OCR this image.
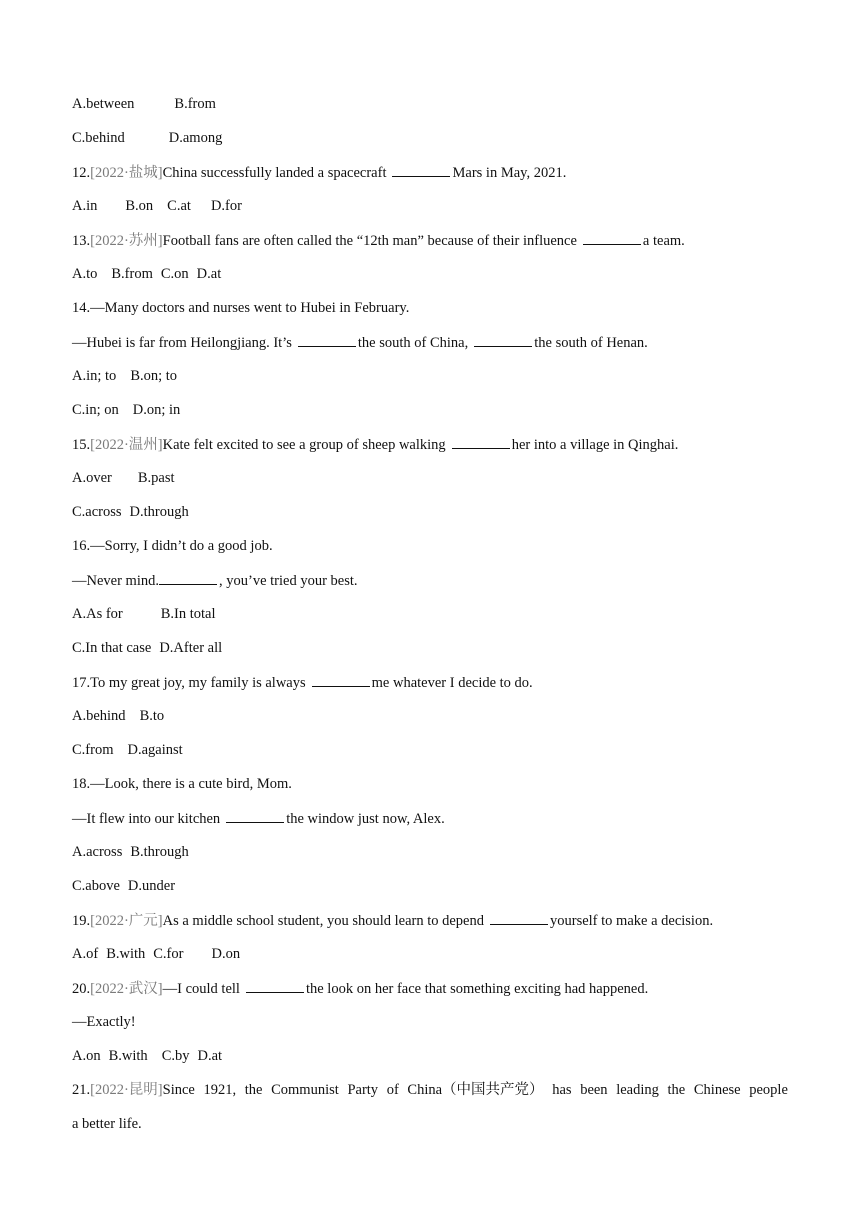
A.between	B.from
C.behind	D.among
12.[2022·盐城]China successfully landed a spacecraft	Mars in May, 2021.
A.in B.on C.at D.for
13.[2022·苏州]Football fans are often called the “12th man” because of their influence	a team.
A.to B.from C.on D.at
14.—Many doctors and nurses went to Hubei in February.
—Hubei is far from Heilongjiang. It’s	the south of China,	the south of Henan.
A.in; to B.on; to
C.in; on D.on; in
15.[2022·温州]Kate felt excited to see a group of sheep walking	her into a village in Qinghai.
A.over B.past
C.across D.through
16.—Sorry, I didn’t do a good job.
—Never mind.	, you’ve tried your best.
A.As for	B.In total
C.In that case D.After all
17.To my great joy, my family is always	me whatever I decide to do.
A.behind B.to
C.from D.against
18.—Look, there is a cute bird, Mom.
—It flew into our kitchen	the window just now, Alex.
A.across B.through
C.above D.under
19.[2022·广元]As a middle school student, you should learn to depend	yourself to make a decision.
A.of B.with C.for D.on
20.[2022·武汉]—I could tell	the look on her face that something exciting had happened.
—Exactly!
A.on B.with C.by D.at
21.[2022·昆明]Since 1921, the Communist Party of China（中国共产党） has been leading the Chinese people
a better life.
